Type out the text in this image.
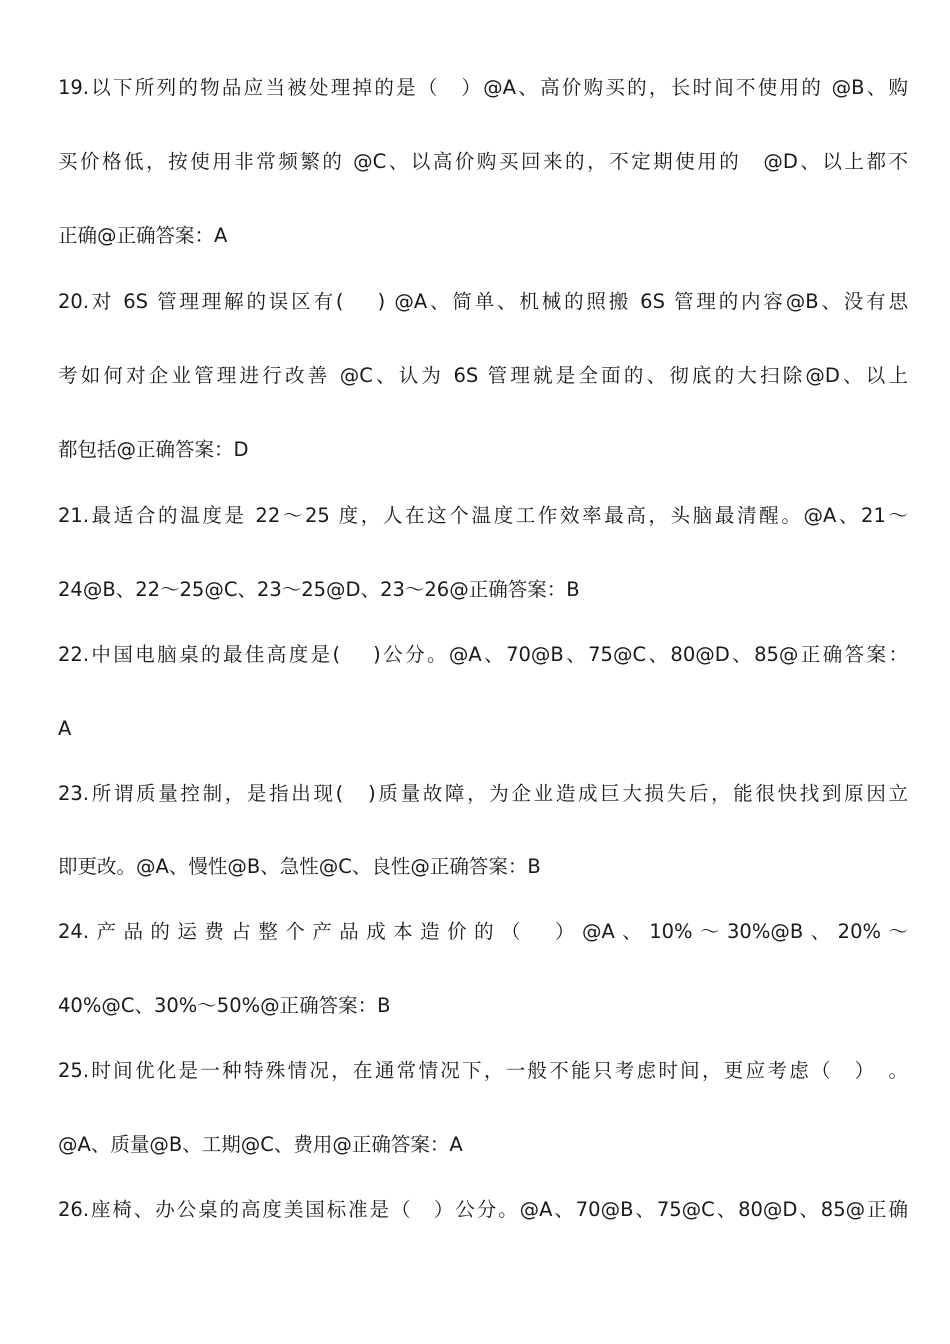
19.以下所列的物品应当被处理掉的是（　）@A、高价购买的，长时间不使用的 @B、购
买价格低，按使用非常频繁的 @C、以高价购买回来的，不定期使用的　@D、以上都不
正确@正确答案：A
20.对 6S 管理理解的误区有(　 ) @A、简单、机械的照搬 6S 管理的内容@B、没有思
考如何对企业管理进行改善 @C、认为 6S 管理就是全面的、彻底的大扫除@D、以上
都包括@正确答案：D
21.最适合的温度是 22～25 度，人在这个温度工作效率最高，头脑最清醒。@A、21～
24@B、22～25@C、23～25@D、23～26@正确答案：B
22.中国电脑桌的最佳高度是(　 )公分。@A、70@B、75@C、80@D、85@正确答案：
A
23.所谓质量控制，是指出现(　)质量故障，为企业造成巨大损失后，能很快找到原因立
即更改。@A、慢性@B、急性@C、良性@正确答案：B
24.产品的运费占整个产品成本造价的（　）@A、10%～30%@B、20%～
40%@C、30%～50%@正确答案：B
25.时间优化是一种特殊情况，在通常情况下，一般不能只考虑时间，更应考虑（　）　。
@A、质量@B、工期@C、费用@正确答案：A
26.座椅、办公桌的高度美国标准是（　）公分。@A、70@B、75@C、80@D、85@正确
